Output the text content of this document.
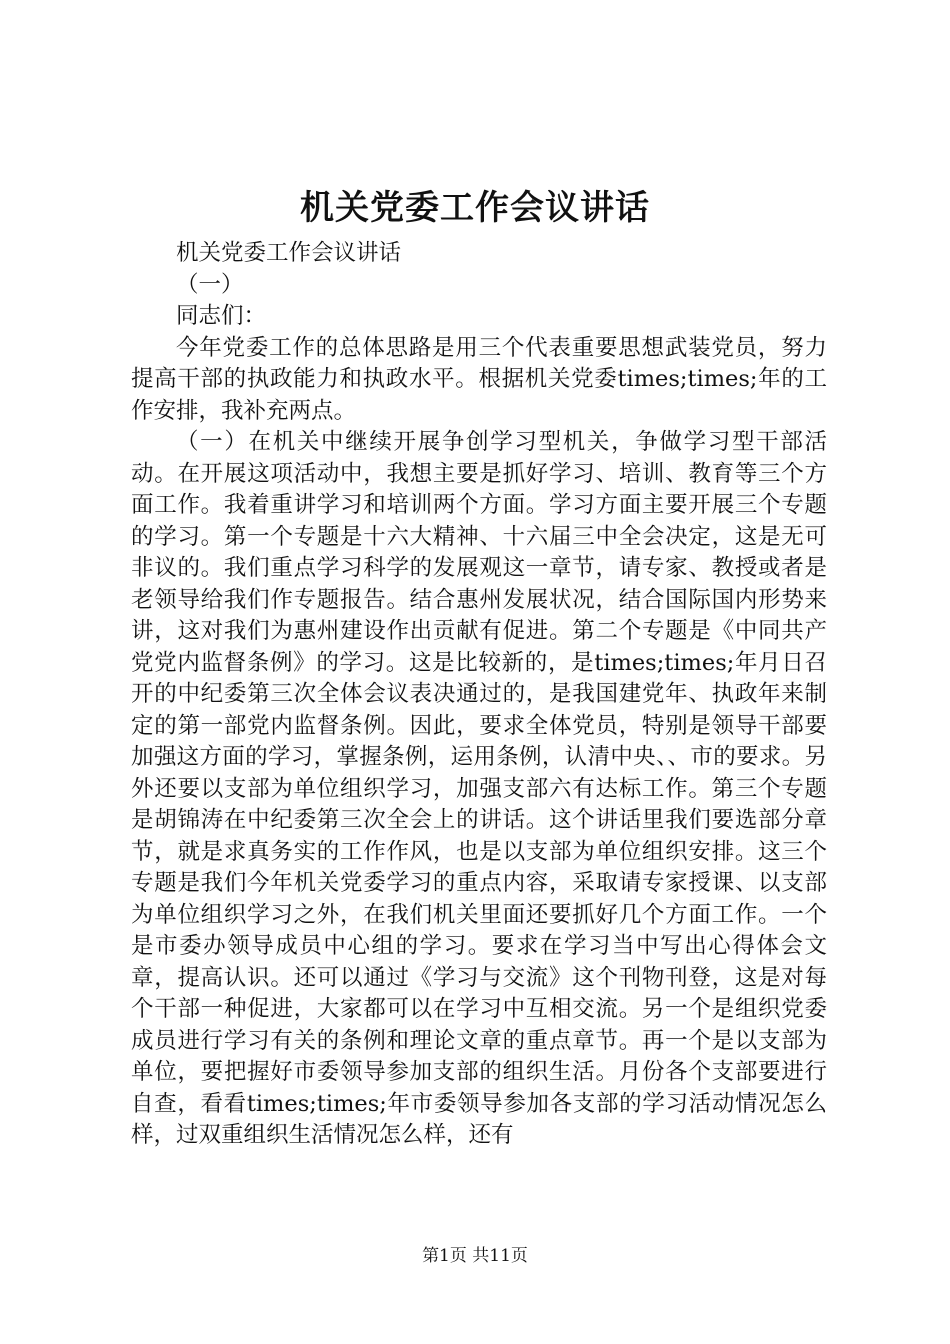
机关党委工作会议讲话

机关党委工作会议讲话

（一）

同志们：

今年党委工作的总体思路是用三个代表重要思想武装党员，努力提高干部的执政能力和执政水平。根据机关党委times;times;年的工作安排，我补充两点。

（一）在机关中继续开展争创学习型机关，争做学习型干部活动。在开展这项活动中，我想主要是抓好学习、培训、教育等三个方面工作。我着重讲学习和培训两个方面。学习方面主要开展三个专题的学习。第一个专题是十六大精神、十六届三中全会决定，这是无可非议的。我们重点学习科学的发展观这一章节，请专家、教授或者是老领导给我们作专题报告。结合惠州发展状况，结合国际国内形势来讲，这对我们为惠州建设作出贡献有促进。第二个专题是《中同共产党党内监督条例》的学习。这是比较新的，是times;times;年月日召开的中纪委第三次全体会议表决通过的，是我国建党年、执政年来制定的第一部党内监督条例。因此，要求全体党员，特别是领导干部要加强这方面的学习，掌握条例，运用条例，认清中央、、市的要求。另外还要以支部为单位组织学习，加强支部六有达标工作。第三个专题是胡锦涛在中纪委第三次全会上的讲话。这个讲话里我们要选部分章节，就是求真务实的工作作风，也是以支部为单位组织安排。这三个专题是我们今年机关党委学习的重点内容，采取请专家授课、以支部为单位组织学习之外，在我们机关里面还要抓好几个方面工作。一个是市委办领导成员中心组的学习。要求在学习当中写出心得体会文章，提高认识。还可以通过《学习与交流》这个刊物刊登，这是对每个干部一种促进，大家都可以在学习中互相交流。另一个是组织党委成员进行学习有关的条例和理论文章的重点章节。再一个是以支部为单位，要把握好市委领导参加支部的组织生活。月份各个支部要进行自查，看看times;times;年市委领导参加各支部的学习活动情况怎么样，过双重组织生活情况怎么样，还有

第1页 共11页
